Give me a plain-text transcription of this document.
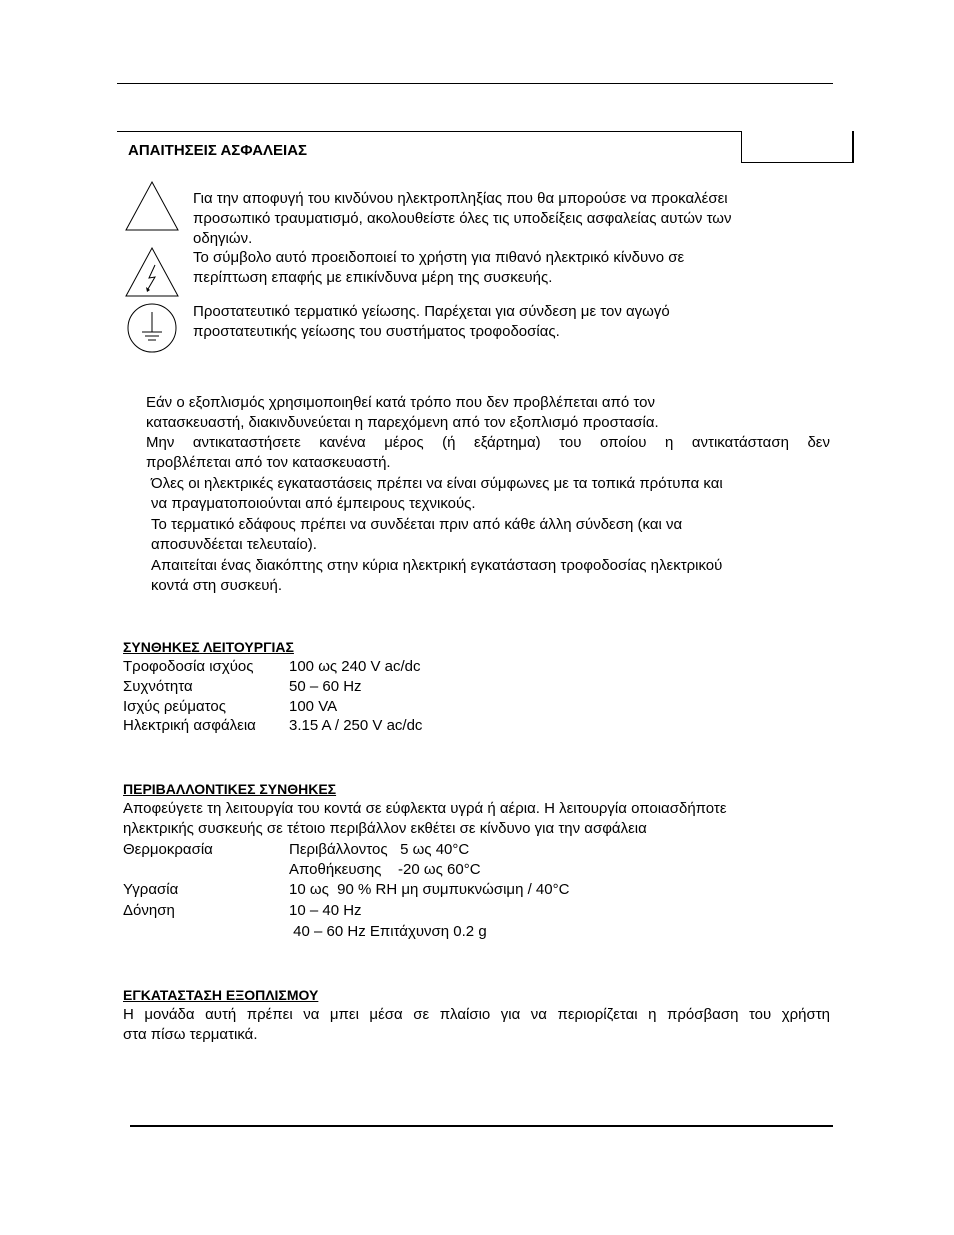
ΑΠΑΙΤΗΣΕΙΣ ΑΣΦΑΛΕΙΑΣ
Για την αποφυγή του κινδύνου ηλεκτροπληξίας που θα μπορούσε να προκαλέσει
προσωπικό τραυματισμό, ακολουθείστε όλες τις υποδείξεις ασφαλείας αυτών των
οδηγιών.
Το σύμβολο αυτό προειδοποιεί το χρήστη για πιθανό ηλεκτρικό κίνδυνο σε
περίπτωση επαφής με επικίνδυνα μέρη της συσκευής.
Προστατευτικό τερματικό γείωσης. Παρέχεται για σύνδεση με τον αγωγό
προστατευτικής γείωσης του συστήματος τροφοδοσίας.
Εάν ο εξοπλισμός χρησιμοποιηθεί κατά τρόπο που δεν προβλέπεται από τον
κατασκευαστή, διακινδυνεύεται η παρεχόμενη από τον εξοπλισμό προστασία.
Μην αντικαταστήσετε κανένα μέρος (ή εξάρτημα) του οποίου η αντικατάσταση δεν
προβλέπεται από τον κατασκευαστή.
Όλες οι ηλεκτρικές εγκαταστάσεις πρέπει να είναι σύμφωνες με τα τοπικά πρότυπα και
να πραγματοποιούνται από έμπειρους τεχνικούς.
Το τερματικό εδάφους πρέπει να συνδέεται πριν από κάθε άλλη σύνδεση (και να
αποσυνδέεται τελευταίο).
Απαιτείται ένας διακόπτης στην κύρια ηλεκτρική εγκατάσταση τροφοδοσίας ηλεκτρικού
κοντά στη συσκευή.
ΣΥΝΘΗΚΕΣ ΛΕΙΤΟΥΡΓΙΑΣ
Τροφοδοσία ισχύος 100 ως 240 V ac/dc
Συχνότητα	50 – 60 Hz
Ισχύς ρεύματος	100 VA
Ηλεκτρική ασφάλεια 3.15 A / 250 V ac/dc
ΠΕΡΙΒΑΛΛΟΝΤΙΚΕΣ ΣΥΝΘΗΚΕΣ
Αποφεύγετε τη λειτουργία του κοντά σε εύφλεκτα υγρά ή αέρια. Η λειτουργία οποιασδήποτε
ηλεκτρικής συσκευής σε τέτοιο περιβάλλον εκθέτει σε κίνδυνο για την ασφάλεια
Θερμοκρασία	Περιβάλλοντος   5 ως 40°C
Αποθήκευσης    -20 ως 60°C
Υγρασία	10 ως  90 % RH μη συμπυκνώσιμη / 40°C
Δόνηση	10 – 40 Hz
40 – 60 Hz Επιτάχυνση 0.2 g
ΕΓΚΑΤΑΣΤΑΣΗ ΕΞΟΠΛΙΣΜΟΥ
Η μονάδα αυτή πρέπει να μπει μέσα σε πλαίσιο για να περιορίζεται η πρόσβαση του χρήστη
στα πίσω τερματικά.
